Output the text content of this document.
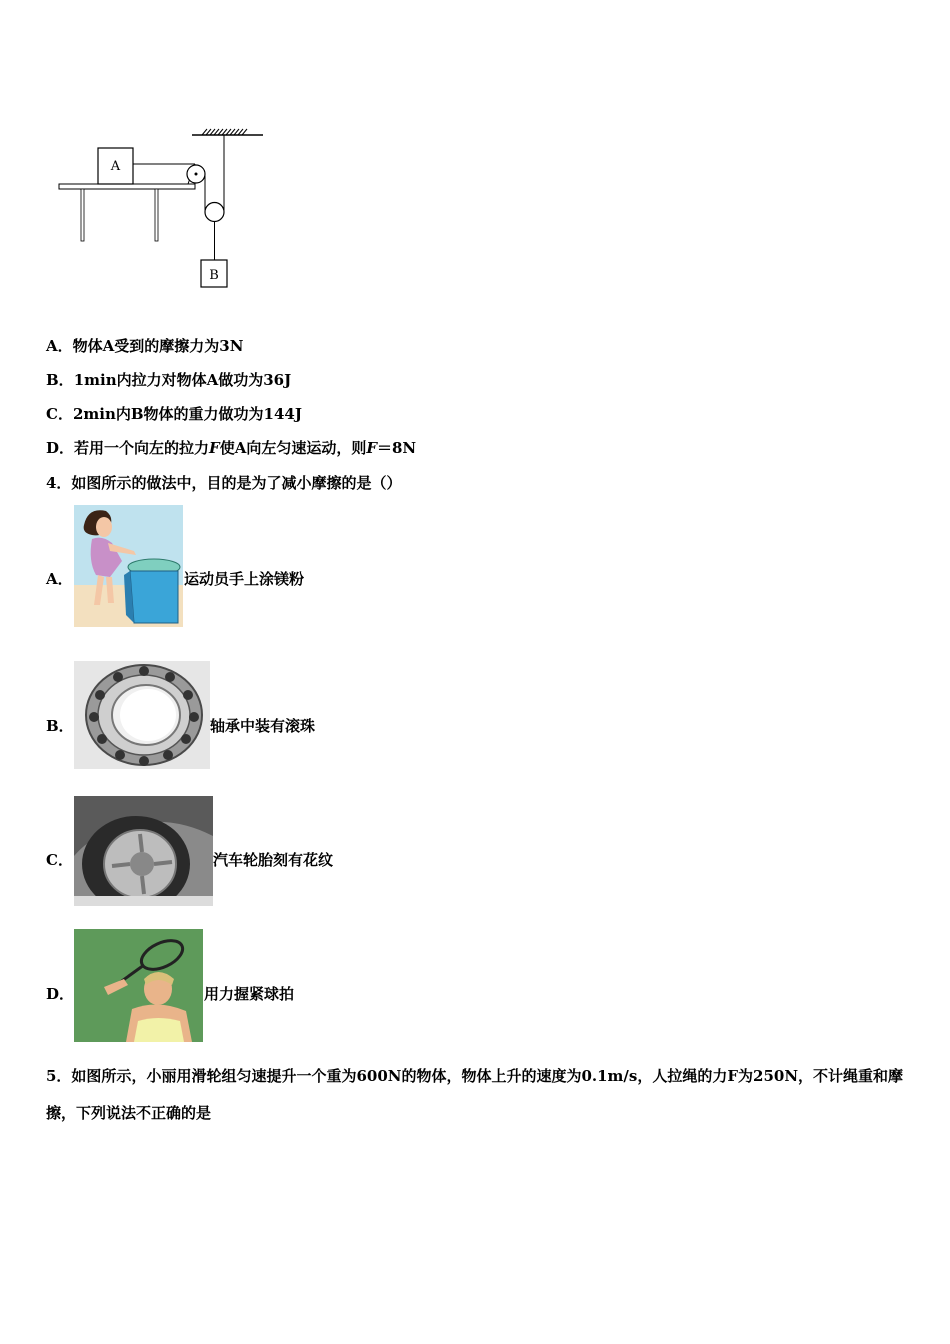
A
B
A．物体A受到的摩擦力为3N
B．1min内拉力对物体A做功为36J
C．2min内B物体的重力做功为144J
D．若用一个向左的拉力F使A向左匀速运动，则F＝8N
4．如图所示的做法中，目的是为了减小摩擦的是（）
A．	运动员手上涂镁粉
B．	轴承中装有滚珠
C．	汽车轮胎刻有花纹
D．	用力握紧球拍
5．如图所示，小丽用滑轮组匀速提升一个重为600N的物体，物体上升的速度为0.1m/s，人拉绳的力F为250N，不计绳重和摩擦，下列说法不正确的是
